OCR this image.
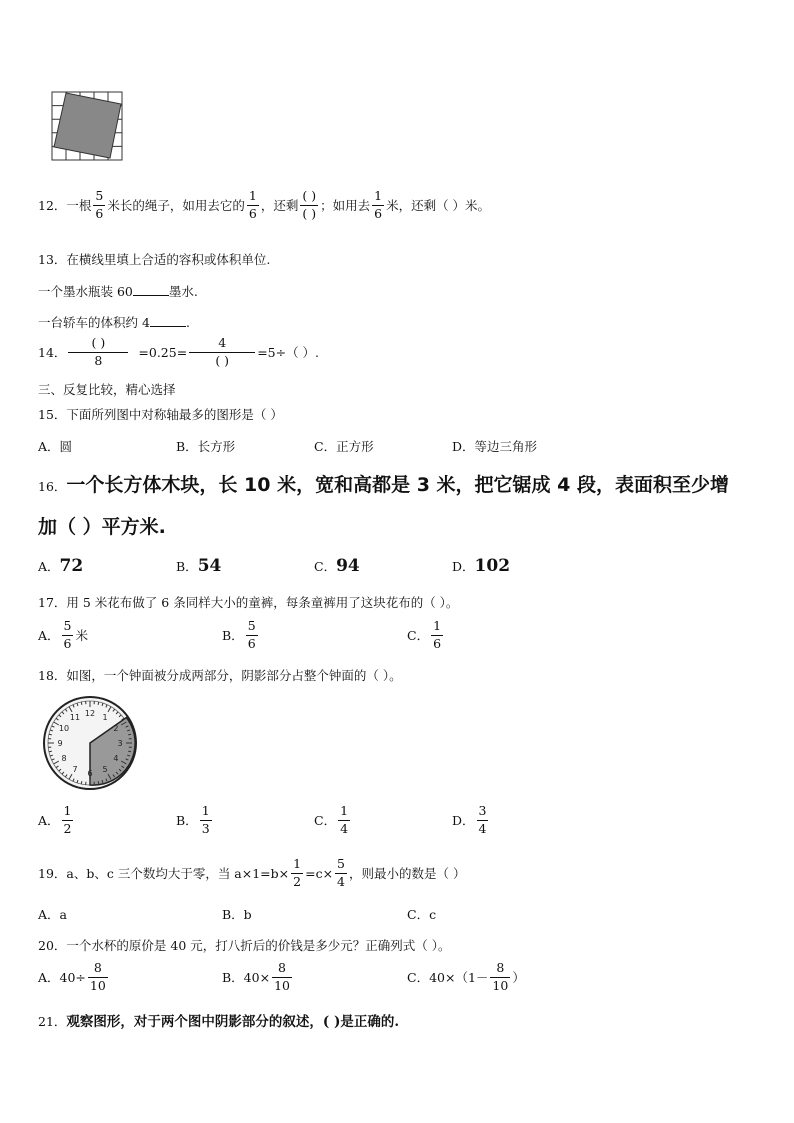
12． 一根 $\frac{5}{6}$ 米长的绳子，如用去它的 $\frac{1}{6}$ ，还剩 $\frac{( )}{( )}$ ；如用去 $\frac{1}{6}$ 米，还剩（ ）米。
13．在横线里填上合适的容积或体积单位.
一个墨水瓶装 60	墨水.
一台轿车的体积约 4	.
14． $\frac{( )}{8} =0.25= \frac{4}{( )} =5\div$（ ）.
三、反复比较，精心选择
15．下面所列图中对称轴最多的图形是（ ）
A．圆	B．长方形	C．正方形	D．等边三角形
16．一个长方体木块，长 10 米，宽和高都是 3 米，把它锯成 4 段，表面积至少增
加（ ）平方米.
A．72	B．54	C．94	D．102
17．用 5 米花布做了 6 条同样大小的童裤，每条童裤用了这块花布的（ ）。
A． $\frac{5}{6}$ 米	B． $\frac{5}{6}$	C． $\frac{1}{6}$
18．如图，一个钟面被分成两部分，阴影部分占整个钟面的（ ）。
12 1
2
3
4
5
6
7
8
9
10
11
A． $\frac{1}{2}$	B． $\frac{1}{3}$	C． $\frac{1}{4}$	D． $\frac{3}{4}$
19． a、b、c 三个数均大于零，当 $a\times 1=b\times \frac{1}{2} =c\times \frac{5}{4}$ ，则最小的数是（ ）
A．a	B．b	C．c
20．一个水杯的原价是 40 元，打八折后的价钱是多少元？正确列式（ ）。
A．$40\div \frac{8}{10}$	B．$40\times \frac{8}{10}$	C．$40\times(1- \frac{8}{10}$ ）
21．观察图形，对于两个图中阴影部分的叙述，( )是正确的.
